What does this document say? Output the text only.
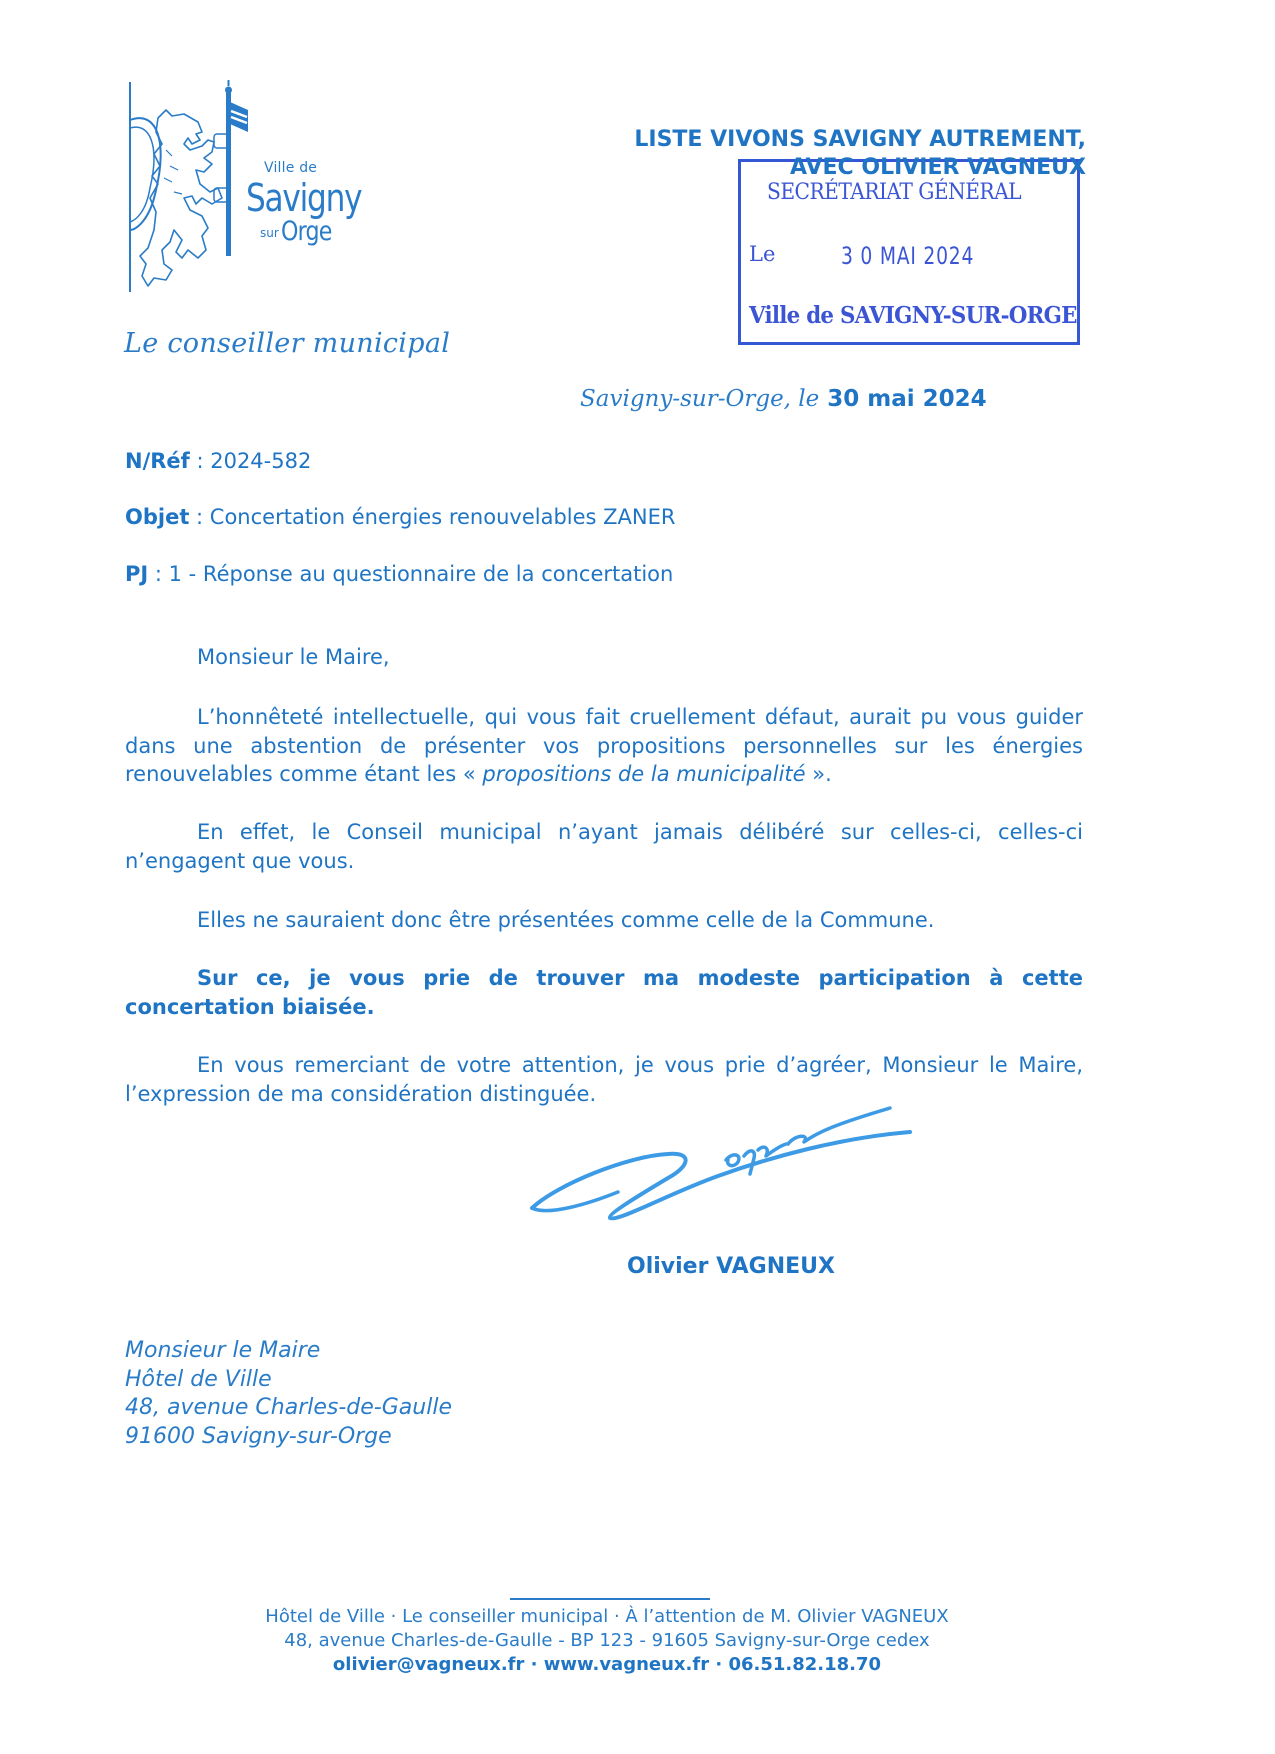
Ville de
Savigny
sur Orge
Le conseiller municipal
LISTE VIVONS SAVIGNY AUTREMENT,
AVEC OLIVIER VAGNEUX
SECRÉTARIAT GÉNÉRAL
Le	3 0 MAI 2024
Ville de SAVIGNY-SUR-ORGE
Savigny-sur-Orge, le 30 mai 2024
N/Réf : 2024-582
Objet : Concertation énergies renouvelables ZANER
PJ : 1 - Réponse au questionnaire de la concertation

Monsieur le Maire,

L’honnêteté intellectuelle, qui vous fait cruellement défaut, aurait pu vous guider dans une abstention de présenter vos propositions personnelles sur les énergies renouvelables comme étant les « propositions de la municipalité ».

En effet, le Conseil municipal n’ayant jamais délibéré sur celles-ci, celles-ci n’engagent que vous.

Elles ne sauraient donc être présentées comme celle de la Commune.

Sur ce, je vous prie de trouver ma modeste participation à cette concertation biaisée.

En vous remerciant de votre attention, je vous prie d’agréer, Monsieur le Maire, l’expression de ma considération distinguée.

Olivier VAGNEUX
Monsieur le Maire
Hôtel de Ville
48, avenue Charles-de-Gaulle
91600 Savigny-sur-Orge
Hôtel de Ville · Le conseiller municipal · À l’attention de M. Olivier VAGNEUX
48, avenue Charles-de-Gaulle - BP 123 - 91605 Savigny-sur-Orge cedex
olivier@vagneux.fr · www.vagneux.fr · 06.51.82.18.70
